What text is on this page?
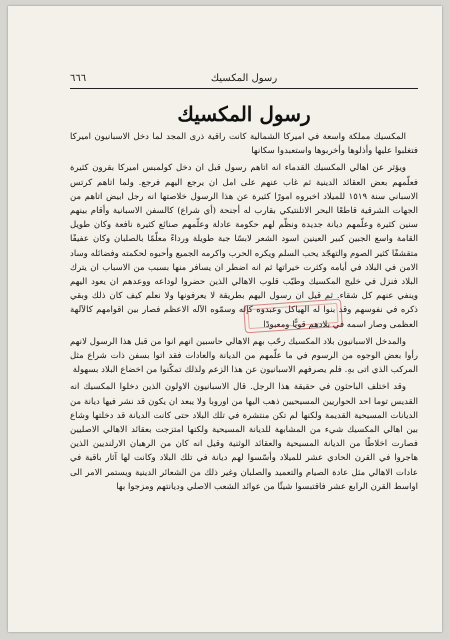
٦٦٦	رسول المكسيك
رسول المكسيك

المكسيك مملكة واسعة في اميركا الشمالية كانت راقية ذرى المجد لما دخل الاسبانيون اميركا فتغلبوا عليها وأذلوها وأخربوها واستعبدوا سكانها

ويؤثر عن اهالي المكسيك القدماء انه اتاهم رسول قبل ان دخل كولمبس اميركا بقرون كثيرة فعلّمهم بعض العقائد الدينية ثم غاب عنهم على امل ان يرجع اليهم فرجع. ولما اتاهم كرتس الاسباني سنة ١٥١٩ للميلاد اخبروه امورًا كثيرة عن هذا الرسول خلاصتها انه رجل ابيض اتاهم من الجهات الشرقية قاطعًا البحر الاتلنتيكي بقارب له أجنحة (أي شراع) كالسفن الاسبانية وأقام بينهم سنين كثيرة وعلّمهم ديانة جديدة ونظّم لهم حكومة عادلة وعلّمهم صنائع كثيرة نافعة وكان طويل القامة واسع الجبين كبير العينين اسود الشعر لابسًا جبة طويلة ورداءً معلّمًا بالصلبان وكان عفيفًا متقشفًا كثير الصوم والتهجّد يحب السلم ويكره الحرب واكرمه الجميع وأحبوه لحكمته وفضائله وساد الامن في البلاد في أيامه وكثرت خيراتها ثم انه اضطر ان يسافر منها بسبب من الاسباب ان يترك البلاد فنزل في خليج المكسيك وطيّب قلوب الاهالي الذين حضروا لوداعه ووعدهم ان يعود اليهم وينفي عنهم كل شقاء. ثم قيل ان رسول اليهم بطريقة لا يعرفونها ولا نعلم كيف كان ذلك وبقي ذكره في نفوسهم وقد بنوا له الهياكل وعبدوه كإله وسمّوه الآله الاعظم فصار بين اقوامهم كالآلهة العظمى وصار اسمه في بلادهم قويًّا ومعبودًا

والمدخل الاسبانيون بلاد المكسيك رحّب بهم الاهالي حاسبين انهم انوا من قبل هذا الرسول لانهم رأوا بعض الوجوه من الرسوم في ما علّمهم من الديانة والعادات فقد اتوا بسفن ذات شراع مثل المركب الذي اتى بهِ. فلم يصرفهم الاسبانيون عن هذا الزعم ولذلك تمكّنوا من اخضاع البلاد بسهولة

وقد اختلف الباحثون في حقيقة هذا الرجل. قال الاسبانيون الاولون الذين دخلوا المكسيك انه القديس توما احد الحواريين المسيحيين ذهب اليها من اوروبا ولا يبعد ان يكون قد نشر فيها ديانة من الديانات المسيحية القديمة ولكنها لم تكن منتشرة في تلك البلاد حتى كانت الديانة قد دخلتها وشاع بين اهالي المكسيك شيء من المشابهة للديانة المسيحية ولكنها امتزجت بعقائد الاهالي الاصليين فصارت اخلاطًا من الديانة المسيحية والعقائد الوثنية وقيل انه كان من الرهبان الارلنديين الذين هاجروا في القرن الحادي عشر للميلاد وأسّسوا لهم ديانة في تلك البلاد وكانت لها آثار باقية في عادات الاهالي مثل عادة الصيام والتعميد والصلبان وغير ذلك من الشعائر الدينية ويستمر الامر الى اواسط القرن الرابع عشر فاقتبسوا شيئًا من عوائد الشعب الاصلي وديانتهم ومزجوا بها
